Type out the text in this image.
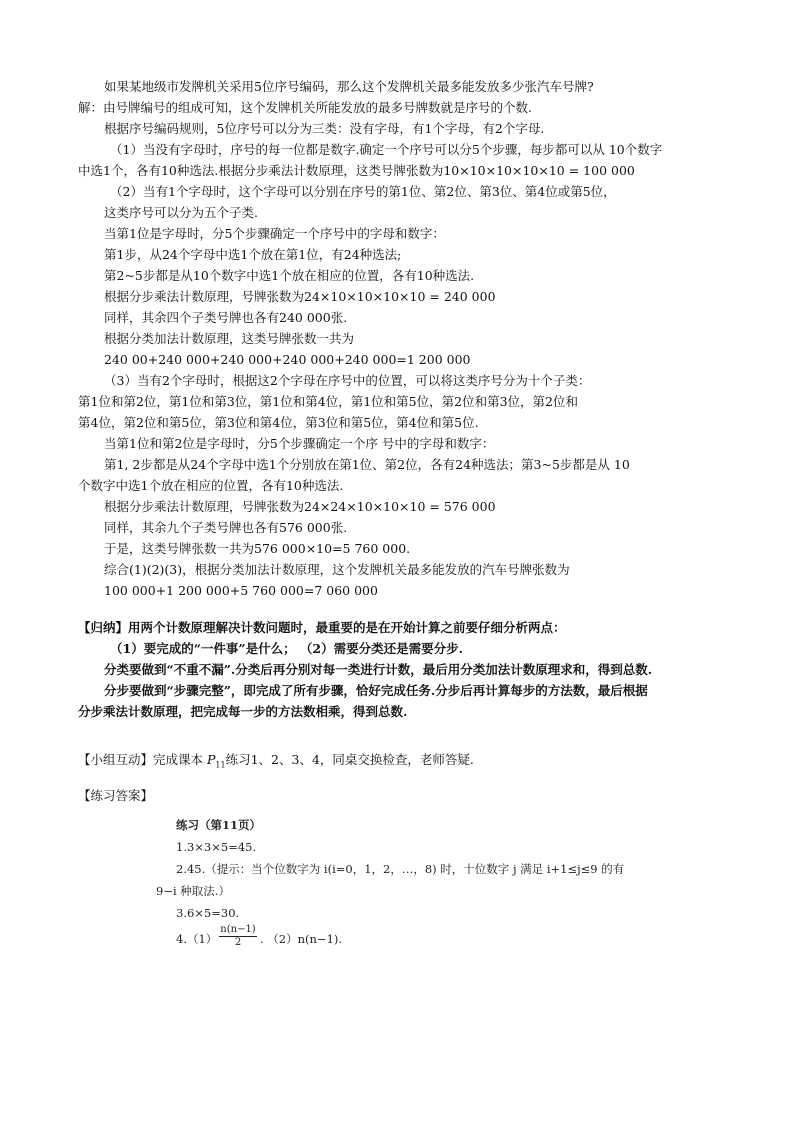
如果某地级市发牌机关采用5位序号编码，那么这个发牌机关最多能发放多少张汽车号牌?
解：由号牌编号的组成可知，这个发牌机关所能发放的最多号牌数就是序号的个数.
根据序号编码规则，5位序号可以分为三类：没有字母，有1个字母，有2个字母.
（1）当没有字母时，序号的每一位都是数字.确定一个序号可以分5个步骤，每步都可以从 10个数字
中选1个，各有10种选法.根据分步乘法计数原理，这类号牌张数为10×10×10×10×10 = 100 000
（2）当有1个字母时，这个字母可以分别在序号的第1位、第2位、第3位、第4位或第5位，
这类序号可以分为五个子类.
当第1位是字母时，分5个步骤确定一个序号中的字母和数字：
第1步，从24个字母中选1个放在第1位，有24种选法;
第2~5步都是从10个数字中选1个放在相应的位置，各有10种选法.
根据分步乘法计数原理，号牌张数为24×10×10×10×10 = 240 000
同样，其余四个子类号牌也各有240 000张.
根据分类加法计数原理，这类号牌张数一共为
240 00+240 000+240 000+240 000+240 000=1 200 000
（3）当有2个字母时，根据这2个字母在序号中的位置，可以将这类序号分为十个子类：
第1位和第2位，第1位和第3位，第1位和第4位，第1位和第5位，第2位和第3位，第2位和
第4位，第2位和第5位，第3位和第4位，第3位和第5位，第4位和第5位.
当第1位和第2位是字母时，分5个步骤确定一个序 号中的字母和数字：
第1, 2步都是从24个字母中选1个分别放在第1位、第2位，各有24种选法；第3~5步都是从 10
个数字中选1个放在相应的位置，各有10种选法.
根据分步乘法计数原理，号牌张数为24×24×10×10×10 = 576 000
同样，其余九个子类号牌也各有576 000张.
于是，这类号牌张数一共为576 000×10=5 760 000.
综合(1)(2)(3)，根据分类加法计数原理，这个发牌机关最多能发放的汽车号牌张数为
100 000+1 200 000+5 760 000=7 060 000
【归纳】用两个计数原理解决计数问题时，最重要的是在开始计算之前要仔细分析两点：
（1）要完成的“一件事”是什么； （2）需要分类还是需要分步.
分类要做到“不重不漏”.分类后再分别对每一类进行计数，最后用分类加法计数原理求和，得到总数.
分步要做到“步骤完整”，即完成了所有步骤，恰好完成任务.分步后再计算每步的方法数，最后根据
分步乘法计数原理，把完成每一步的方法数相乘，得到总数.
【小组互动】完成课本 $P_{11}$练习1、2、3、4，同桌交换检查，老师答疑.
【练习答案】
练习（第11页）
1.3×3×5=45.
2.45.（提示：当个位数字为 i(i=0，1，2，…，8) 时，十位数字 j 满足 i+1≤j≤9 的有
9−i 种取法.）
3.6×5=30.
4.（1）
n(n−1)
2	. （2）n(n−1).
